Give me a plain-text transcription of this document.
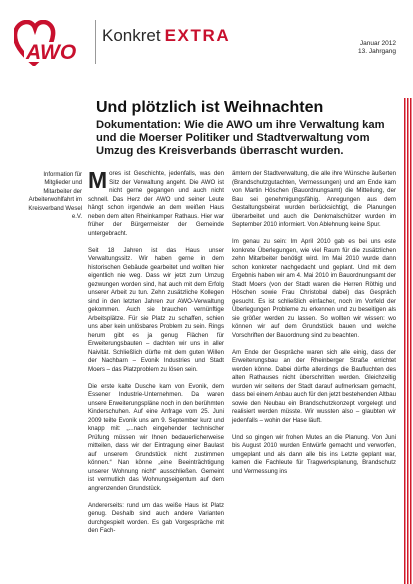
AWO
Konkret EXTRA	Januar 2012
13. Jahrgang
Und plötzlich ist Weihnachten
Dokumentation: Wie die AWO um ihre Verwaltung kam und die Moerser Politiker und Stadtverwaltung vom Umzug des Kreisverbands überrascht wurden.
Information für Mitglieder und Mitarbeiter der Arbeiterwohlfahrt im Kreisverband Wesel e.V.

Mores ist Geschichte, jedenfalls, was den Sitz der Verwaltung angeht. Die AWO ist nicht gerne gegangen und auch nicht schnell. Das Herz der AWO und seiner Leute hängt schon irgendwie an dem weißen Haus neben dem alten Rheinkamper Rathaus. Hier war früher der Bürgermeister der Gemeinde untergebracht.

Seit 18 Jahren ist das Haus unser Verwaltungssitz. Wir haben gerne in dem historischen Gebäude gearbeitet und wollten hier eigentlich nie weg. Dass wir jetzt zum Umzug gezwungen worden sind, hat auch mit dem Erfolg unserer Arbeit zu tun. Zehn zusätzliche Kollegen sind in den letzten Jahren zur AWO-Verwaltung gekommen. Auch sie brauchen vernünftige Arbeitsplätze. Für sie Platz zu schaffen, schien uns aber kein unlösbares Problem zu sein. Rings herum gibt es ja genug Flächen für Erweiterungsbauten – dachten wir uns in aller Naivität. Schließlich dürfte mit dem guten Willen der Nachbarn – Evonik Industries und Stadt Moers – das Platzproblem zu lösen sein.

Die erste kalte Dusche kam von Evonik, dem Essener Industrie-Unternehmen. Da waren unsere Erweiterungspläne noch in den berühmten Kinderschuhen. Auf eine Anfrage vom 25. Juni 2009 teilte Evonik uns am 9. September kurz und knapp mit: „...nach eingehender technischer Prüfung müssen wir Ihnen bedauerlicherweise mitteilen, dass wir der Eintragung einer Baulast auf unserem Grundstück nicht zustimmen können.“ Nan könne „eine Beeinträchtigung unserer Wohnung nicht“ ausschließen. Gemeint ist vermutlich das Wohnungseigentum auf dem angrenzenden Grundstück.

Andererseits: rund um das weiße Haus ist Platz genug. Deshalb sind auch andere Varianten durchgespielt worden. Es gab Vorgespräche mit den Fach-

ämtern der Stadtverwaltung, die alle ihre Wünsche äußerten (Brandschutzgutachten, Vermessungen) und am Ende kam von Martin Höschen (Bauordnungsamt) die Mitteilung, der Bau sei genehmigungsfähig. Anregungen aus dem Gestaltungsbeirat wurden berücksichtigt, die Planungen überarbeitet und auch die Denkmalschützer wurden im September 2010 informiert. Von Ablehnung keine Spur.

Im genau zu sein: Im April 2010 gab es bei uns este konkrete Überlegungen, wie viel Raum für die zusätzlichen zehn Mitarbeiter benötigt wird. Im Mai 2010 wurde dann schon konkreter nachgedacht und geplant. Und mit dem Ergebnis haben wir am 4. Mai 2010 im Bauordnungsamt der Stadt Moers (von der Stadt waren die Herren Röthig und Höschen sowie Frau Christobal dabei) das Gespräch gesucht. Es ist schließlich einfacher, noch im Vorfeld der Überlegungen Probleme zu erkennen und zu beseitigen als sie größer werden zu lassen. So wollten wir wissen: wo können wir auf dem Grundstück bauen und welche Vorschriften der Bauordnung sind zu beachten.

Am Ende der Gespräche waren sich alle einig, dass der Erweiterungsbau an der Rheinberger Straße errichtet werden könne. Dabei dürfte allerdings die Baufluchten des alten Rathauses nicht überschritten werden. Gleichzeitig wurden wir seitens der Stadt darauf aufmerksam gemacht, dass bei einem Anbau auch für den jetzt bestehenden Altbau sowie den Neubau ein Brandschutzkonzept vorgelegt und realisiert werden müsste. Wir wussten also – glaubten wir jedenfalls – wohin der Hase läuft.

Und so gingen wir frohen Mutes an die Planung. Von Juni bis August 2010 wurden Entwürfe gemacht und verworfen, umgeplant und als dann alle bis ins Letzte geplant war, kamen die Fachleute für Tragwerksplanung, Brandschutz und Vermessung ins
